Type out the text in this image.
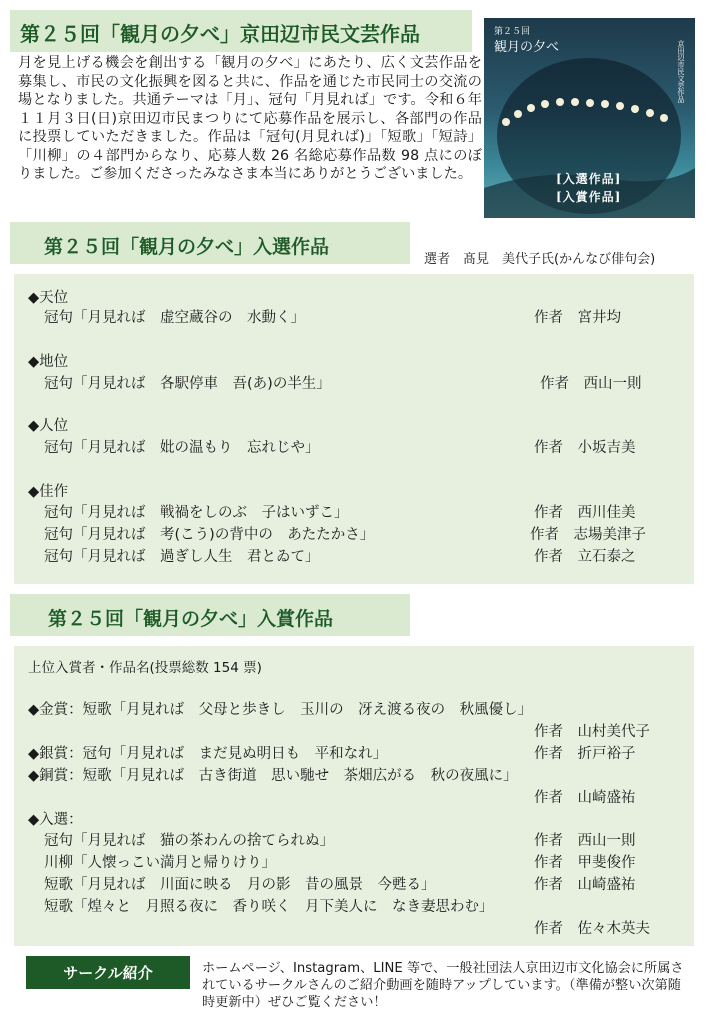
第２５回「観月の夕べ」京田辺市民文芸作品
月を見上げる機会を創出する「観月の夕べ」にあたり、広く文芸作品を募集し、市民の文化振興を図ると共に、作品を通じた市民同士の交流の場となりました。共通テーマは「月」、冠句「月見れば」です。令和６年１１月３日(日)京田辺市民まつりにて応募作品を展示し、各部門の作品に投票していただきました。作品は「冠句(月見れば)」「短歌」「短詩」「川柳」の４部門からなり、応募人数 26 名総応募作品数 98 点にのぼりました。ご参加くださったみなさま本当にありがとうございました。
第２５回
観月の夕べ	京田辺市民文芸作品
[入選作品]
[入賞作品]
第２５回「観月の夕べ」入選作品
選者　髙見　美代子氏(かんなび俳句会)
◆天位
冠句「月見れば　虚空蔵谷の　水動く」	作者　宮井均
◆地位
冠句「月見れば　各駅停車　吾(あ)の半生」	作者　西山一則
◆人位
冠句「月見れば　妣の温もり　忘れじや」	作者　小坂吉美
◆佳作
冠句「月見れば　戦禍をしのぶ　子はいずこ」	作者　西川佳美
冠句「月見れば　考(こう)の背中の　あたたかさ」	作者　志場美津子
冠句「月見れば　過ぎし人生　君とゐて」	作者　立石泰之
第２５回「観月の夕べ」入賞作品
上位入賞者・作品名(投票総数 154 票)
◆金賞：短歌「月見れば　父母と歩きし　玉川の　冴え渡る夜の　秋風優し」
作者　山村美代子
◆銀賞：冠句「月見れば　まだ見ぬ明日も　平和なれ」	作者　折戸裕子
◆銅賞：短歌「月見れば　古き街道　思い馳せ　茶畑広がる　秋の夜風に」
作者　山崎盛祐
◆入選：
冠句「月見れば　猫の茶わんの捨てられぬ」	作者　西山一則
川柳「人懐っこい満月と帰りけり」	作者　甲斐俊作
短歌「月見れば　川面に映る　月の影　昔の風景　今甦る」	作者　山崎盛祐
短歌「煌々と　月照る夜に　香り咲く　月下美人に　なき妻思わむ」
作者　佐々木英夫
サークル紹介	ホームページ、Instagram、LINE 等で、一般社団法人京田辺市文化協会に所属されているサークルさんのご紹介動画を随時アップしています。（準備が整い次第随時更新中）ぜひご覧ください！
